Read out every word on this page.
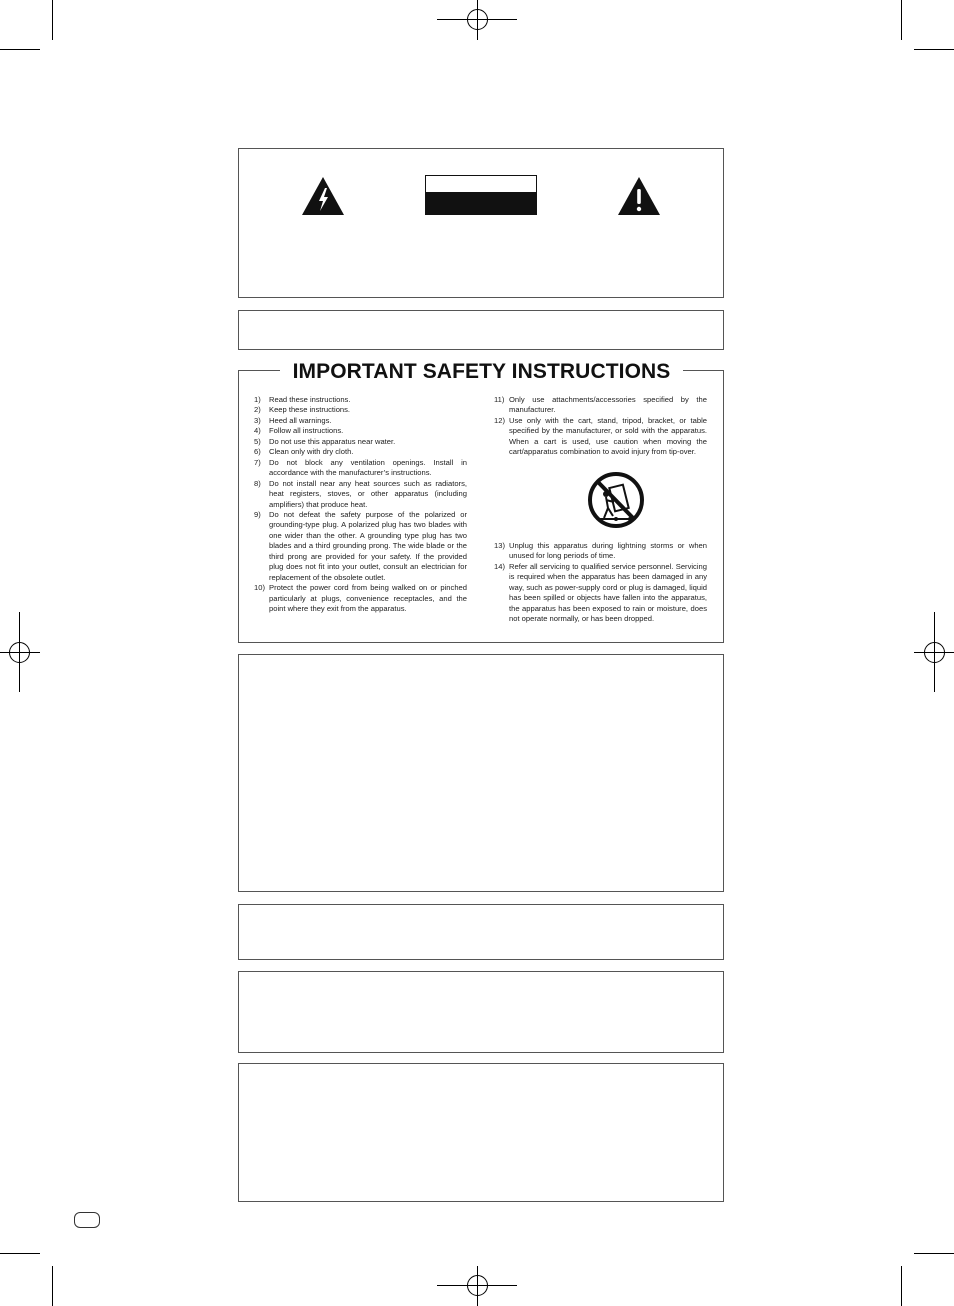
IMPORTANT SAFETY INSTRUCTIONS
1)	Read these instructions.
2)	Keep these instructions.
3)	Heed all warnings.
4)	Follow all instructions.
5)	Do not use this apparatus near water.
6)	Clean only with dry cloth.
7)	Do not block any ventilation openings. Install in accordance with the manufacturer’s instructions.
8)	Do not install near any heat sources such as radiators, heat registers, stoves, or other apparatus (including amplifiers) that produce heat.
9)	Do not defeat the safety purpose of the polarized or grounding-type plug. A polarized plug has two blades with one wider than the other. A grounding type plug has two blades and a third grounding prong. The wide blade or the third prong are provided for your safety. If the provided plug does not fit into your outlet, consult an electrician for replacement of the obsolete outlet.
10) Protect the power cord from being walked on or pinched particularly at plugs, convenience receptacles, and the point where they exit from the apparatus.
11) Only use attachments/accessories specified by the manufacturer.
12) Use only with the cart, stand, tripod, bracket, or table specified by the manufacturer, or sold with the apparatus. When a cart is used, use caution when moving the cart/apparatus combination to avoid injury from tip-over.
13) Unplug this apparatus during lightning storms or when unused for long periods of time.
14) Refer all servicing to qualified service personnel. Servicing is required when the apparatus has been damaged in any way, such as power-supply cord or plug is damaged, liquid has been spilled or objects have fallen into the apparatus, the apparatus has been exposed to rain or moisture, does not operate normally, or has been dropped.
